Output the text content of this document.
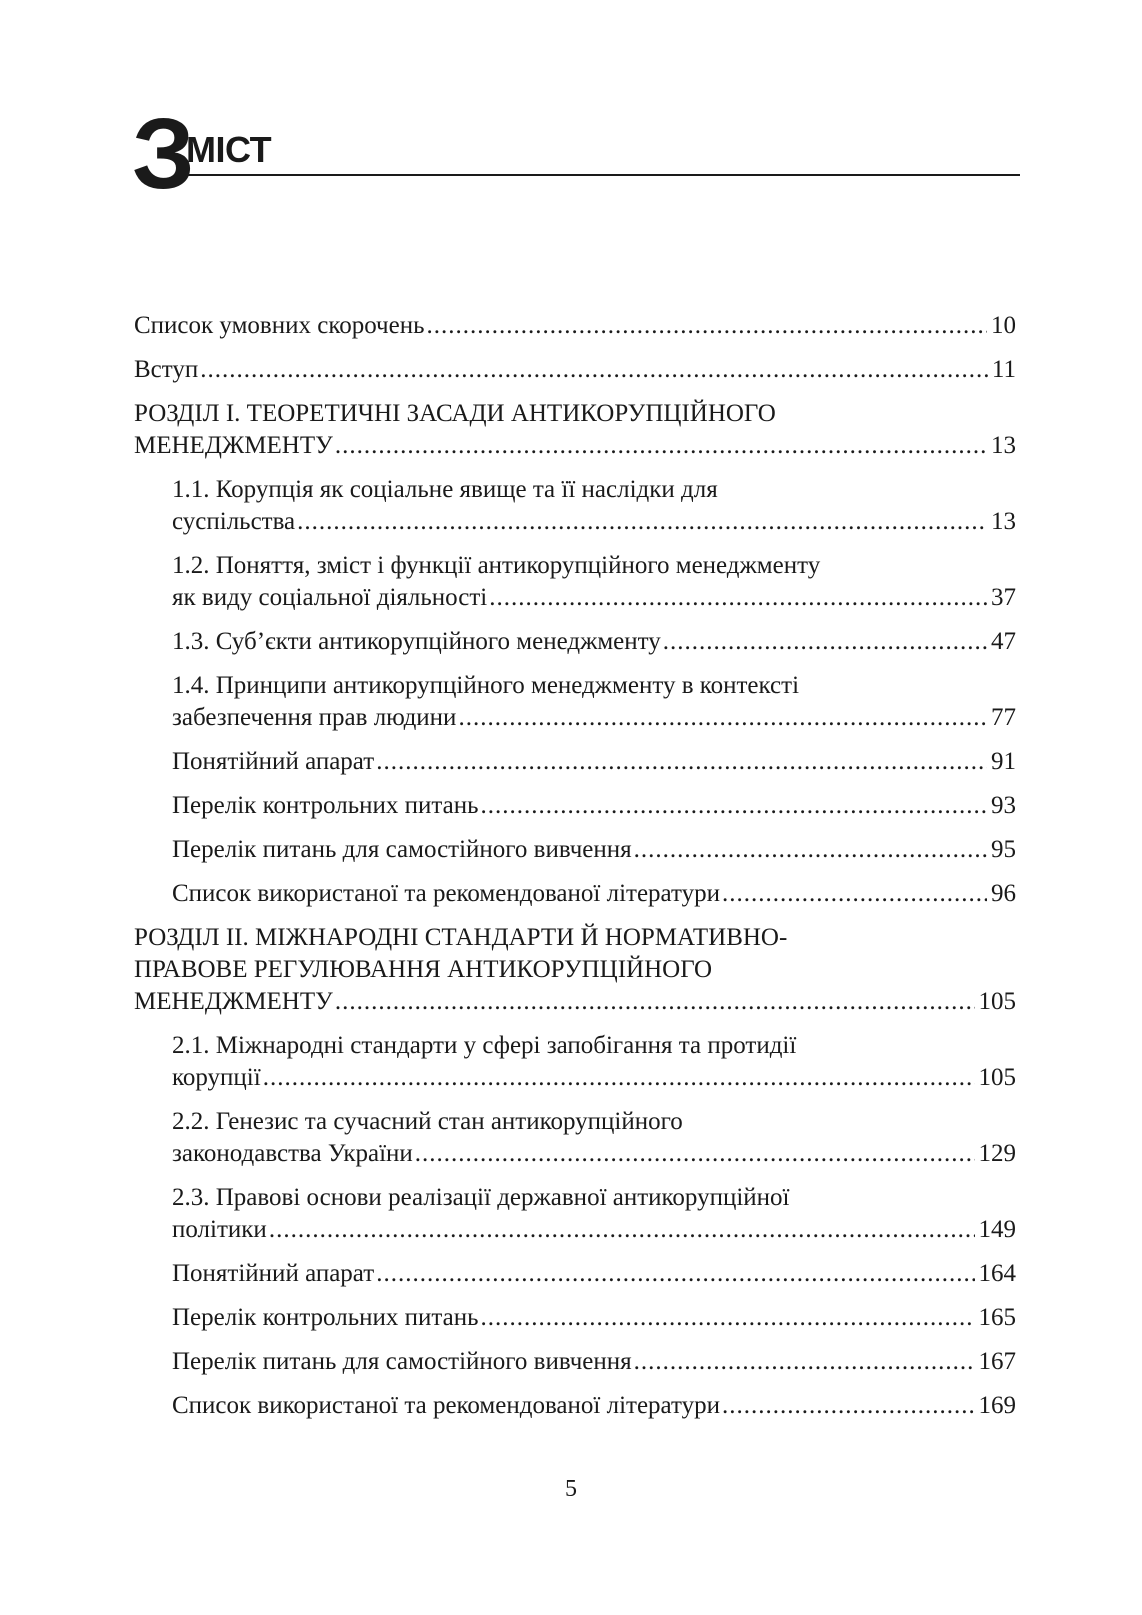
З
МІСТ
Список умовних скорочень .....	10
Вступ .....	11
РОЗДІЛ І. ТЕОРЕТИЧНІ ЗАСАДИ АНТИКОРУПЦІЙНОГО
МЕНЕДЖМЕНТУ .....	13
1.1. Корупція як соціальне явище та її наслідки для
суспільства .....	13
1.2. Поняття, зміст і функції антикорупційного менеджменту
як виду соціальної діяльності .....	37
1.3. Суб’єкти антикорупційного менеджменту .....	47
1.4. Принципи антикорупційного менеджменту в контексті
забезпечення прав людини .....	77
Понятійний апарат .....	91
Перелік контрольних питань .....	93
Перелік питань для самостійного вивчення .....	95
Список використаної та рекомендованої літератури .....	96
РОЗДІЛ ІІ. МІЖНАРОДНІ СТАНДАРТИ Й НОРМАТИВНО-
ПРАВОВЕ РЕГУЛЮВАННЯ АНТИКОРУПЦІЙНОГО
МЕНЕДЖМЕНТУ .....	105
2.1. Міжнародні стандарти у сфері запобігання та протидії
корупції .....	105
2.2. Генезис та сучасний стан антикорупційного
законодавства України .....	129
2.3. Правові основи реалізації державної антикорупційної
політики .....	149
Понятійний апарат .....	164
Перелік контрольних питань .....	165
Перелік питань для самостійного вивчення .....	167
Список використаної та рекомендованої літератури .....	169
5
